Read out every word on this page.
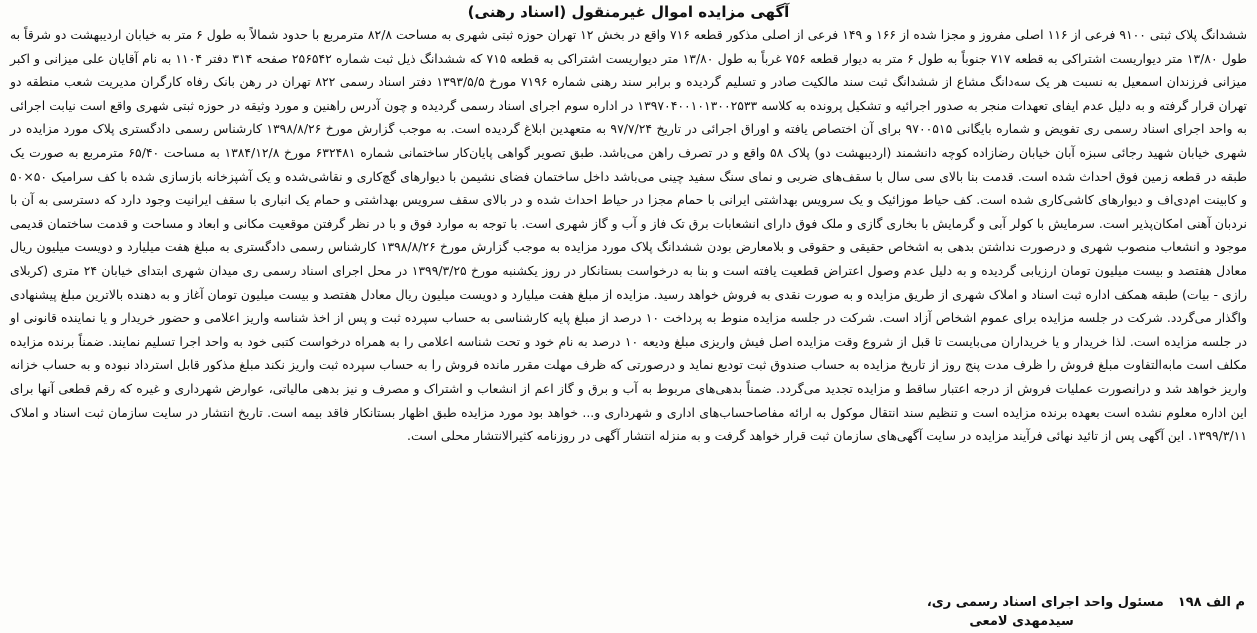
آگهی مزایده اموال غیرمنقول (اسناد رهنی)

ششدانگ پلاک ثبتی ۹۱۰۰ فرعی از ۱۱۶ اصلی مفروز و مجزا شده از ۱۶۶ و ۱۴۹ فرعی از اصلی مذکور قطعه ۷۱۶ واقع در بخش ۱۲ تهران حوزه ثبتی شهری به مساحت ۸۲/۸ مترمربع با حدود شمالاً به طول ۶ متر به خیابان اردیبهشت دو شرقاً به طول ۱۳/۸۰ متر دیواریست اشتراکی به قطعه ۷۱۷ جنوباً به طول ۶ متر به دیوار قطعه ۷۵۶ غرباً به طول ۱۳/۸۰ متر دیواریست اشتراکی به قطعه ۷۱۵ که ششدانگ ذیل ثبت شماره ۲۵۶۵۴۲ صفحه ۳۱۴ دفتر ۱۱۰۴ به نام آقایان علی میزانی و اکبر میزانی فرزندان اسمعیل به نسبت هر یک سه‌دانگ مشاع از ششدانگ ثبت سند مالکیت صادر و تسلیم گردیده و برابر سند رهنی شماره ۷۱۹۶ مورخ ۱۳۹۳/۵/۵ دفتر اسناد رسمی ۸۲۲ تهران در رهن بانک رفاه کارگران مدیریت شعب منطقه دو تهران قرار گرفته و به دلیل عدم ایفای تعهدات منجر به صدور اجرائیه و تشکیل پرونده به کلاسه ۱۳۹۷۰۴۰۰۱۰۱۳۰۰۲۵۳۳ در اداره سوم اجرای اسناد رسمی گردیده و چون آدرس راهنین و مورد وثیقه در حوزه ثبتی شهری واقع است نیابت اجرائی به واحد اجرای اسناد رسمی ری تفویض و شماره بایگانی ۹۷۰۰۵۱۵ برای آن اختصاص یافته و اوراق اجرائی در تاریخ ۹۷/۷/۲۴ به متعهدین ابلاغ گردیده است. به موجب گزارش مورخ ۱۳۹۸/۸/۲۶ کارشناس رسمی دادگستری پلاک مورد مزایده در شهری خیابان شهید رجائی سبزه آبان خیابان رضازاده کوچه دانشمند (اردیبهشت دو) پلاک ۵۸ واقع و در تصرف راهن می‌باشد. طبق تصویر گواهی پایان‌کار ساختمانی شماره ۶۳۲۴۸۱ مورخ ۱۳۸۴/۱۲/۸ به مساحت ۶۵/۴۰ مترمربع به صورت یک طبقه در قطعه زمین فوق احداث شده است. قدمت بنا بالای سی سال با سقف‌های ضربی و نمای سنگ سفید چینی می‌باشد داخل ساختمان فضای نشیمن با دیوارهای گچ‌کاری و نقاشی‌شده و یک آشپزخانه بازسازی شده با کف سرامیک ۵۰×۵۰ و کابینت ام‌دی‌اف و دیوارهای کاشی‌کاری شده است. کف حیاط موزائیک و یک سرویس بهداشتی ایرانی با حمام مجزا در حیاط احداث شده و در بالای سقف سرویس بهداشتی و حمام یک انباری با سقف ایرانیت وجود دارد که دسترسی به آن با نردبان آهنی امکان‌پذیر است. سرمایش با کولر آبی و گرمایش با بخاری گازی و ملک فوق دارای انشعابات برق تک فاز و آب و گاز شهری است. با توجه به موارد فوق و با در نظر گرفتن موقعیت مکانی و ابعاد و مساحت و قدمت ساختمان قدیمی موجود و انشعاب منصوب شهری و درصورت نداشتن بدهی به اشخاص حقیقی و حقوقی و بلامعارض بودن ششدانگ پلاک مورد مزایده به موجب گزارش مورخ ۱۳۹۸/۸/۲۶ کارشناس رسمی دادگستری به مبلغ هفت میلیارد و دویست میلیون ریال معادل هفتصد و بیست میلیون تومان ارزیابی گردیده و به دلیل عدم وصول اعتراض قطعیت یافته است و بنا به درخواست بستانکار در روز یکشنبه مورخ ۱۳۹۹/۳/۲۵ در محل اجرای اسناد رسمی ری میدان شهری ابتدای خیابان ۲۴ متری (کربلای رازی - بیات) طبقه همکف اداره ثبت اسناد و املاک شهری از طریق مزایده و به صورت نقدی به فروش خواهد رسید. مزایده از مبلغ هفت میلیارد و دویست میلیون ریال معادل هفتصد و بیست میلیون تومان آغاز و به دهنده بالاترین مبلغ پیشنهادی واگذار می‌گردد. شرکت در جلسه مزایده برای عموم اشخاص آزاد است. شرکت در جلسه مزایده منوط به پرداخت ۱۰ درصد از مبلغ پایه کارشناسی به حساب سپرده ثبت و پس از اخذ شناسه واریز اعلامی و حضور خریدار و یا نماینده قانونی او در جلسه مزایده است. لذا خریدار و یا خریداران می‌بایست تا قبل از شروع وقت مزایده اصل فیش واریزی مبلغ ودیعه ۱۰ درصد به نام خود و تحت شناسه اعلامی را به همراه درخواست کتبی خود به واحد اجرا تسلیم نمایند. ضمناً برنده مزایده مکلف است مابه‌التفاوت مبلغ فروش را ظرف مدت پنج روز از تاریخ مزایده به حساب صندوق ثبت تودیع نماید و درصورتی که ظرف مهلت مقرر مانده فروش را به حساب سپرده ثبت واریز نکند مبلغ مذکور قابل استرداد نبوده و به حساب خزانه واریز خواهد شد و درانصورت عملیات فروش از درجه اعتبار ساقط و مزایده تجدید می‌گردد. ضمناً بدهی‌های مربوط به آب و برق و گاز اعم از انشعاب و اشتراک و مصرف و نیز بدهی مالیاتی، عوارض شهرداری و غیره که رقم قطعی آنها برای این اداره معلوم نشده است بعهده برنده مزایده است و تنظیم سند انتقال موکول به ارائه مفاصاحساب‌های اداری و شهرداری و... خواهد بود مورد مزایده طبق اظهار بستانکار فاقد بیمه است. تاریخ انتشار در سایت سازمان ثبت اسناد و املاک ۱۳۹۹/۳/۱۱. این آگهی پس از تائید نهائی فرآیند مزایده در سایت آگهی‌های سازمان ثبت قرار خواهد گرفت و به منزله انتشار آگهی در روزنامه کثیرالانتشار محلی است.

م الف ۱۹۸
مسئول واحد اجرای اسناد رسمی ری،
سیدمهدی لامعی
